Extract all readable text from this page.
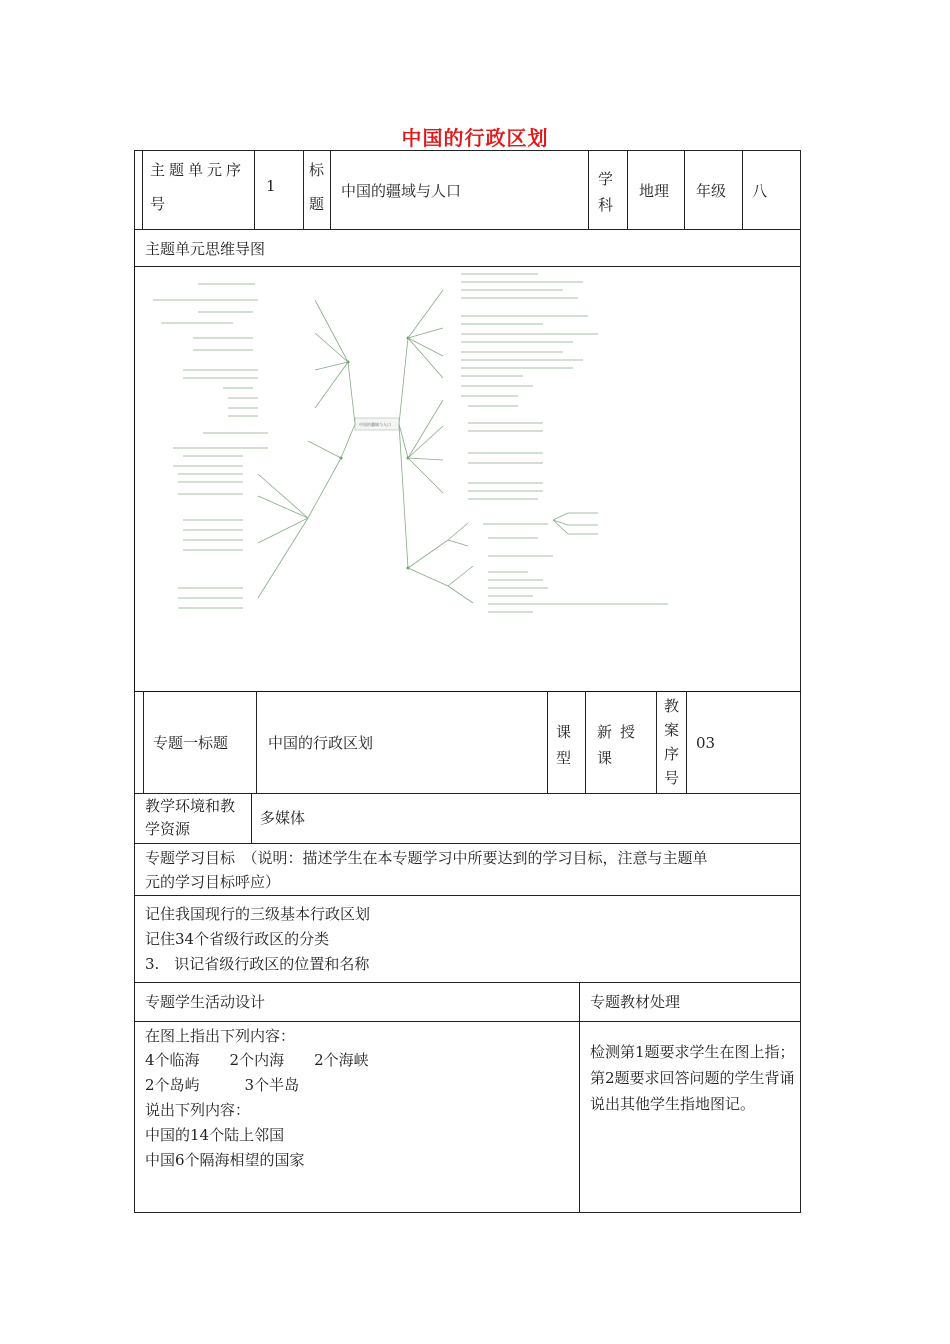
中国的行政区划
主题单元序号
1
标题
中国的疆域与人口
学科
地理 年级 八
主题单元思维导图
中国的疆域与人口
专题一标题	中国的行政区划
课型
新授课
教案序号
03
教学环境和教学资源
多媒体
专题学习目标　（说明：描述学生在本专题学习中所要达到的学习目标，注意与主题单
元的学习目标呼应）
记住我国现行的三级基本行政区划
记住34个省级行政区的分类
3.　识记省级行政区的位置和名称
专题学生活动设计	专题教材处理
在图上指出下列内容：
4个临海　　2个内海　　2个海峡
2个岛屿　　　3个半岛
说出下列内容：
中国的14个陆上邻国
中国6个隔海相望的国家
检测第1题要求学生在图上指；第2题要求回答问题的学生背诵说出其他学生指地图记。
